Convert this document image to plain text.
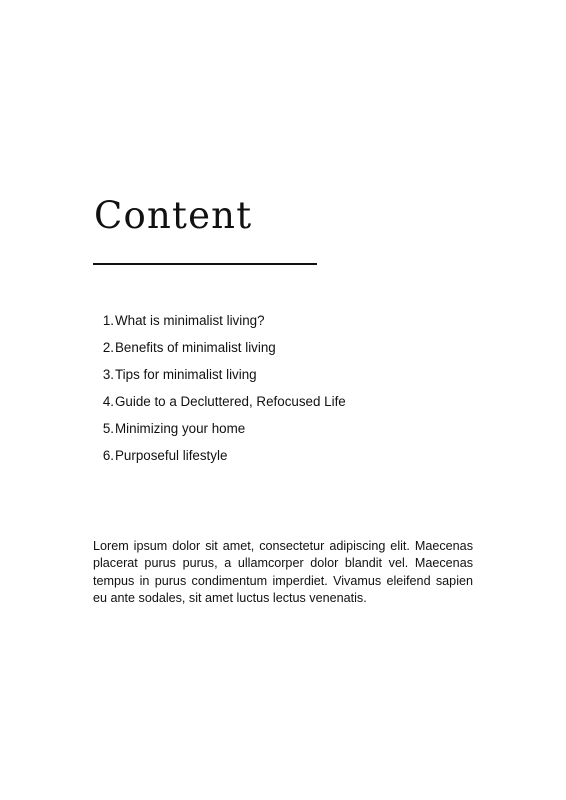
Content
1. What is minimalist living?
2. Benefits of minimalist living
3. Tips for minimalist living
4. Guide to a Decluttered, Refocused Life
5. Minimizing your home
6. Purposeful lifestyle

Lorem ipsum dolor sit amet, consectetur adipiscing elit. Maecenas placerat purus purus, a ullamcorper dolor blandit vel. Maecenas tempus in purus condimentum imperdiet. Vivamus eleifend sapien eu ante sodales, sit amet luctus lectus venenatis.
